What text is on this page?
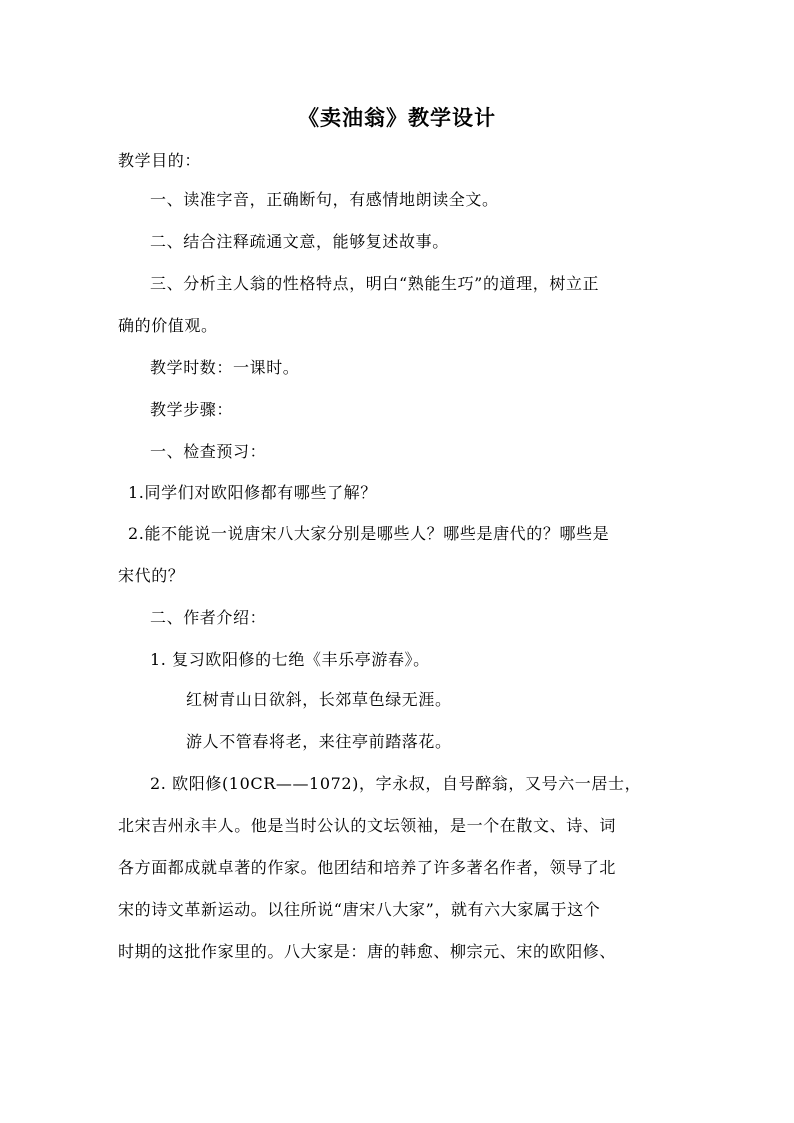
《卖油翁》教学设计
教学目的：
一、读准字音，正确断句，有感情地朗读全文。
二、结合注释疏通文意，能够复述故事。
三、分析主人翁的性格特点，明白“熟能生巧”的道理，树立正
确的价值观。
教学时数：一课时。
教学步骤：
一、检查预习：
1.同学们对欧阳修都有哪些了解？
2.能不能说一说唐宋八大家分别是哪些人？哪些是唐代的？哪些是
宋代的？
二、作者介绍：
1. 复习欧阳修的七绝《丰乐亭游春》。
红树青山日欲斜，长郊草色绿无涯。
游人不管春将老，来往亭前踏落花。
2. 欧阳修(10CR——1072)，字永叔，自号醉翁，又号六一居士，
北宋吉州永丰人。他是当时公认的文坛领袖，是一个在散文、诗、词
各方面都成就卓著的作家。他团结和培养了许多著名作者，领导了北
宋的诗文革新运动。以往所说“唐宋八大家”，就有六大家属于这个
时期的这批作家里的。八大家是：唐的韩愈、柳宗元、宋的欧阳修、
